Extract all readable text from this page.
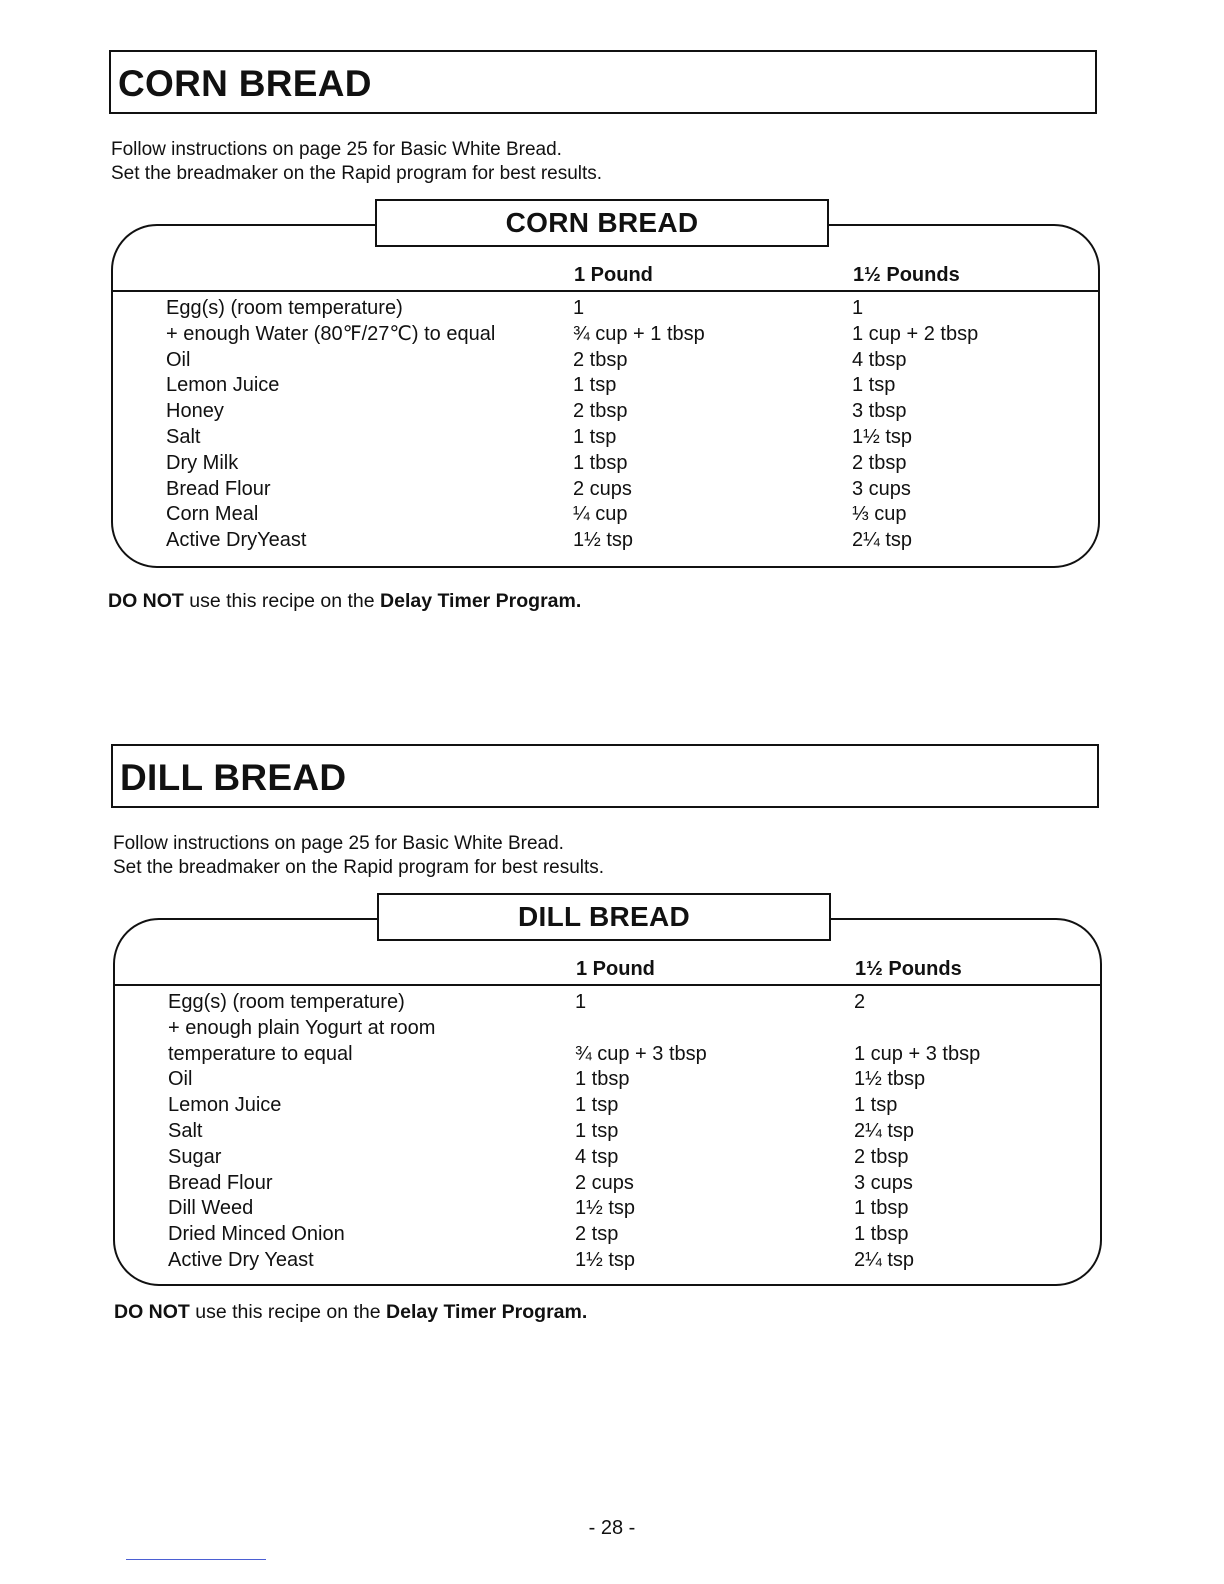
CORN BREAD
Follow instructions on page 25 for Basic White Bread.
Set the breadmaker on the Rapid program for best results.
1 Pound	1½ Pounds
Egg(s) (room temperature)	1	1
+ enough Water (80℉/27℃) to equal	¾ cup + 1 tbsp	1 cup + 2 tbsp
Oil	2 tbsp	4 tbsp
Lemon Juice	1 tsp	1 tsp
Honey	2 tbsp	3 tbsp
Salt	1 tsp	1½ tsp
Dry Milk	1 tbsp	2 tbsp
Bread Flour	2 cups	3 cups
Corn Meal	¼ cup	⅓ cup
Active DryYeast	1½ tsp	2¼ tsp
CORN BREAD
DO NOT use this recipe on the Delay Timer Program.
DILL BREAD
Follow instructions on page 25 for Basic White Bread.
Set the breadmaker on the Rapid program for best results.
1 Pound	1½ Pounds
Egg(s) (room temperature)	1	2
+ enough plain Yogurt at room
temperature to equal	¾ cup + 3 tbsp	1 cup + 3 tbsp
Oil	1 tbsp	1½ tbsp
Lemon Juice	1 tsp	1 tsp
Salt	1 tsp	2¼ tsp
Sugar	4 tsp	2 tbsp
Bread Flour	2 cups	3 cups
Dill Weed	1½ tsp	1 tbsp
Dried Minced Onion	2 tsp	1 tbsp
Active Dry Yeast	1½ tsp	2¼ tsp
DILL BREAD
DO NOT use this recipe on the Delay Timer Program.
- 28 -
